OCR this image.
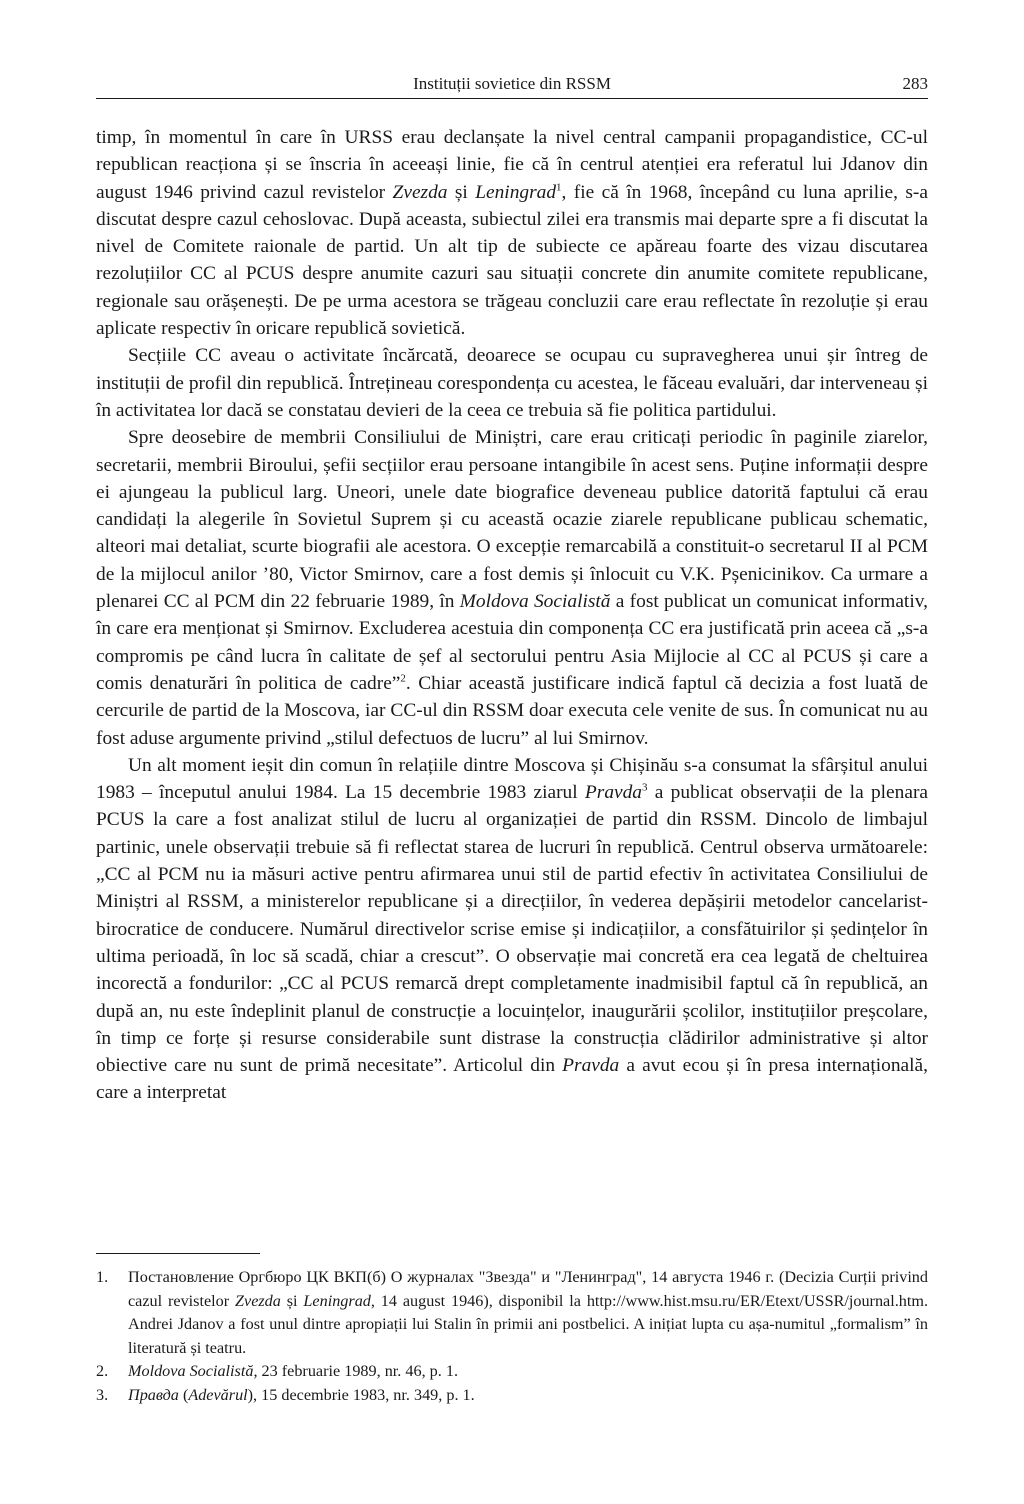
Instituții sovietice din RSSM	283

timp, în momentul în care în URSS erau declanșate la nivel central campanii propagandistice, CC-ul republican reacționa și se înscria în aceeași linie, fie că în centrul atenției era referatul lui Jdanov din august 1946 privind cazul revistelor Zvezda și Leningrad$^1$, fie că în 1968, începând cu luna aprilie, s-a discutat despre cazul cehoslovac. După aceasta, subiectul zilei era transmis mai departe spre a fi discutat la nivel de Comitete raionale de partid. Un alt tip de subiecte ce apăreau foarte des vizau discutarea rezoluțiilor CC al PCUS despre anumite cazuri sau situații concrete din anumite comitete republicane, regionale sau orășenești. De pe urma acestora se trăgeau concluzii care erau reflectate în rezoluție și erau aplicate respectiv în oricare republică sovietică.

Secțiile CC aveau o activitate încărcată, deoarece se ocupau cu supravegherea unui șir întreg de instituții de profil din republică. Întrețineau corespondența cu acestea, le făceau evaluări, dar interveneau și în activitatea lor dacă se constatau devieri de la ceea ce trebuia să fie politica partidului.

Spre deosebire de membrii Consiliului de Miniștri, care erau criticați periodic în paginile ziarelor, secretarii, membrii Biroului, șefii secțiilor erau persoane intangibile în acest sens. Puține informații despre ei ajungeau la publicul larg. Uneori, unele date biografice deveneau publice datorită faptului că erau candidați la alegerile în Sovietul Suprem și cu această ocazie ziarele republicane publicau schematic, alteori mai detaliat, scurte biografii ale acestora. O excepție remarcabilă a constituit-o secretarul II al PCM de la mijlocul anilor ’80, Victor Smirnov, care a fost demis și înlocuit cu V.K. Pșenicinikov. Ca urmare a plenarei CC al PCM din 22 februarie 1989, în Moldova Socialistă a fost publicat un comunicat informativ, în care era menționat și Smirnov. Excluderea acestuia din componența CC era justificată prin aceea că „s-a compromis pe când lucra în calitate de șef al sectorului pentru Asia Mijlocie al CC al PCUS și care a comis denaturări în politica de cadre”$^2$. Chiar această justificare indică faptul că decizia a fost luată de cercurile de partid de la Moscova, iar CC-ul din RSSM doar executa cele venite de sus. În comunicat nu au fost aduse argumente privind „stilul defectuos de lucru” al lui Smirnov.

Un alt moment ieșit din comun în relațiile dintre Moscova și Chișinău s-a consumat la sfârșitul anului 1983 – începutul anului 1984. La 15 decembrie 1983 ziarul Pravda$^3$ a publicat observații de la plenara PCUS la care a fost analizat stilul de lucru al organizației de partid din RSSM. Dincolo de limbajul partinic, unele observații trebuie să fi reflectat starea de lucruri în republică. Centrul observa următoarele: „CC al PCM nu ia măsuri active pentru afirmarea unui stil de partid efectiv în activitatea Consiliului de Miniștri al RSSM, a ministerelor republicane și a direcțiilor, în vederea depășirii metodelor cancelarist-birocratice de conducere. Numărul directivelor scrise emise și indicațiilor, a consfătuirilor și ședințelor în ultima perioadă, în loc să scadă, chiar a crescut”. O observație mai concretă era cea legată de cheltuirea incorectă a fondurilor: „CC al PCUS remarcă drept completamente inadmisibil faptul că în republică, an după an, nu este îndeplinit planul de construcție a locuințelor, inaugurării școlilor, instituțiilor preșcolare, în timp ce forțe și resurse considerabile sunt distrase la construcția clădirilor administrative și altor obiective care nu sunt de primă necesitate”. Articolul din Pravda a avut ecou și în presa internațională, care a interpretat

1. Постановление Оргбюро ЦК ВКП(б) О журналах "Звезда" и "Ленинград", 14 августа 1946 г. (Decizia Curții privind cazul revistelor Zvezda și Leningrad, 14 august 1946), disponibil la http://www.hist.msu.ru/ER/Etext/USSR/journal.htm. Andrei Jdanov a fost unul dintre apropiații lui Stalin în primii ani postbelici. A inițiat lupta cu așa-numitul „formalism” în literatură și teatru.
2. Moldova Socialistă, 23 februarie 1989, nr. 46, p. 1.
3. Правда (Adevărul), 15 decembrie 1983, nr. 349, p. 1.
